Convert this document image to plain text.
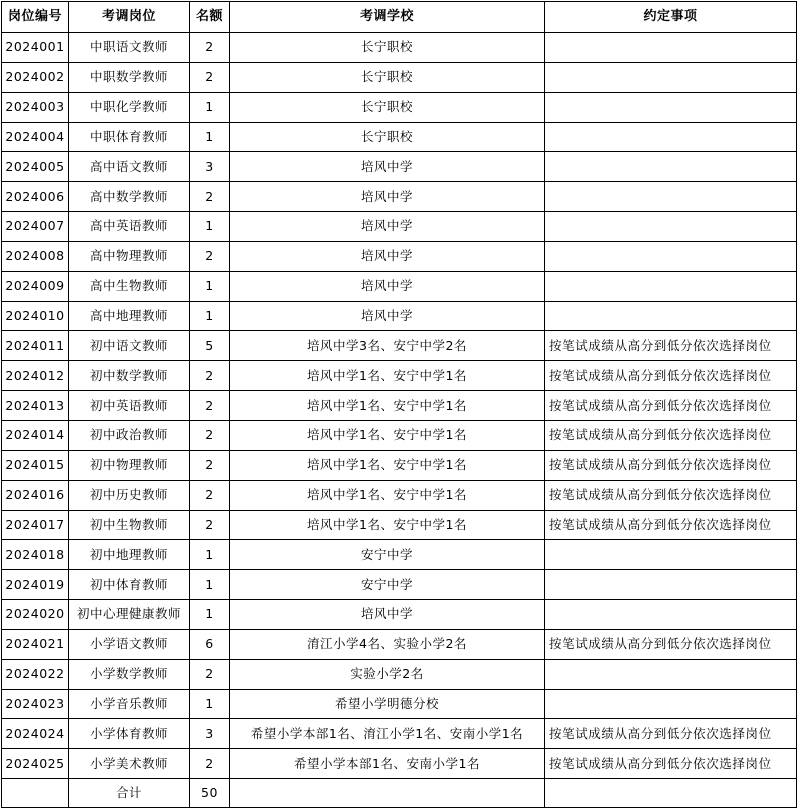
岗位编号	考调岗位	名额	考调学校	约定事项
2024001	中职语文教师	2	长宁职校	
2024002	中职数学教师	2	长宁职校	
2024003	中职化学教师	1	长宁职校	
2024004	中职体育教师	1	长宁职校	
2024005	高中语文教师	3	培风中学	
2024006	高中数学教师	2	培风中学	
2024007	高中英语教师	1	培风中学	
2024008	高中物理教师	2	培风中学	
2024009	高中生物教师	1	培风中学	
2024010	高中地理教师	1	培风中学	
2024011	初中语文教师	5	培风中学3名、安宁中学2名	按笔试成绩从高分到低分依次选择岗位
2024012	初中数学教师	2	培风中学1名、安宁中学1名	按笔试成绩从高分到低分依次选择岗位
2024013	初中英语教师	2	培风中学1名、安宁中学1名	按笔试成绩从高分到低分依次选择岗位
2024014	初中政治教师	2	培风中学1名、安宁中学1名	按笔试成绩从高分到低分依次选择岗位
2024015	初中物理教师	2	培风中学1名、安宁中学1名	按笔试成绩从高分到低分依次选择岗位
2024016	初中历史教师	2	培风中学1名、安宁中学1名	按笔试成绩从高分到低分依次选择岗位
2024017	初中生物教师	2	培风中学1名、安宁中学1名	按笔试成绩从高分到低分依次选择岗位
2024018	初中地理教师	1	安宁中学	
2024019	初中体育教师	1	安宁中学	
2024020	初中心理健康教师	1	培风中学	
2024021	小学语文教师	6	淯江小学4名、实验小学2名	按笔试成绩从高分到低分依次选择岗位
2024022	小学数学教师	2	实验小学2名	
2024023	小学音乐教师	1	希望小学明德分校	
2024024	小学体育教师	3	希望小学本部1名、淯江小学1名、安南小学1名	按笔试成绩从高分到低分依次选择岗位
2024025	小学美术教师	2	希望小学本部1名、安南小学1名	按笔试成绩从高分到低分依次选择岗位
	合计	50		
